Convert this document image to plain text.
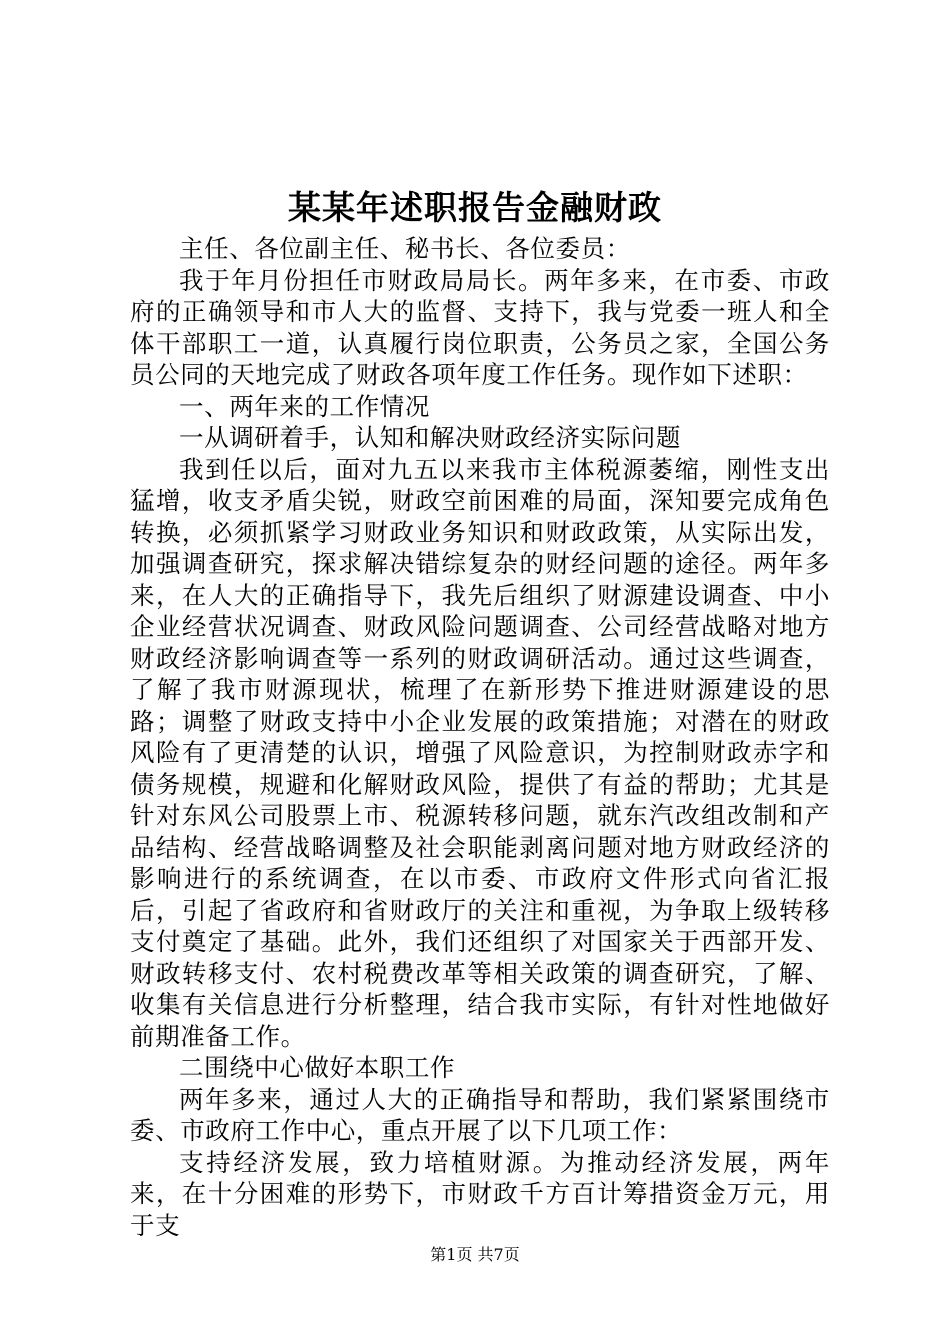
某某年述职报告金融财政

主任、各位副主任、秘书长、各位委员：

我于年月份担任市财政局局长。两年多来，在市委、市政府的正确领导和市人大的监督、支持下，我与党委一班人和全体干部职工一道，认真履行岗位职责，公务员之家，全国公务员公同的天地完成了财政各项年度工作任务。现作如下述职：

一、两年来的工作情况

一从调研着手，认知和解决财政经济实际问题

我到任以后，面对九五以来我市主体税源萎缩，刚性支出猛增，收支矛盾尖锐，财政空前困难的局面，深知要完成角色转换，必须抓紧学习财政业务知识和财政政策，从实际出发，加强调查研究，探求解决错综复杂的财经问题的途径。两年多来，在人大的正确指导下，我先后组织了财源建设调查、中小企业经营状况调查、财政风险问题调查、公司经营战略对地方财政经济影响调查等一系列的财政调研活动。通过这些调查，了解了我市财源现状，梳理了在新形势下推进财源建设的思路；调整了财政支持中小企业发展的政策措施；对潜在的财政风险有了更清楚的认识，增强了风险意识，为控制财政赤字和债务规模，规避和化解财政风险，提供了有益的帮助；尤其是针对东风公司股票上市、税源转移问题，就东汽改组改制和产品结构、经营战略调整及社会职能剥离问题对地方财政经济的影响进行的系统调查，在以市委、市政府文件形式向省汇报后，引起了省政府和省财政厅的关注和重视，为争取上级转移支付奠定了基础。此外，我们还组织了对国家关于西部开发、财政转移支付、农村税费改革等相关政策的调查研究，了解、收集有关信息进行分析整理，结合我市实际，有针对性地做好前期准备工作。

二围绕中心做好本职工作

两年多来，通过人大的正确指导和帮助，我们紧紧围绕市委、市政府工作中心，重点开展了以下几项工作：

支持经济发展，致力培植财源。为推动经济发展，两年来，在十分困难的形势下，市财政千方百计筹措资金万元，用于支

第1页 共7页
